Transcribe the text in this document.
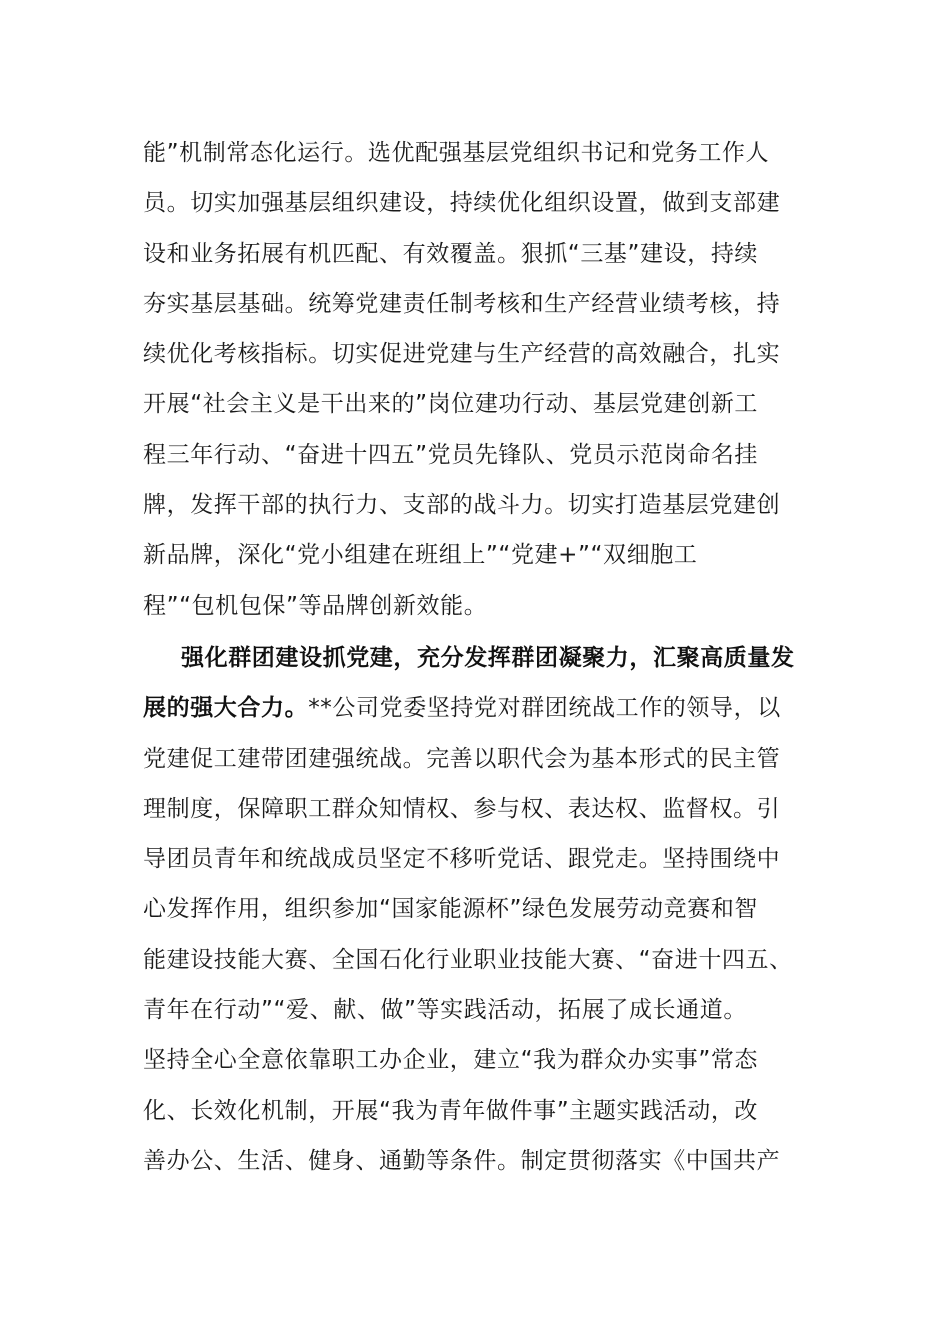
能”机制常态化运行。选优配强基层党组织书记和党务工作人
员。切实加强基层组织建设，持续优化组织设置，做到支部建
设和业务拓展有机匹配、有效覆盖。狠抓“三基”建设，持续
夯实基层基础。统筹党建责任制考核和生产经营业绩考核，持
续优化考核指标。切实促进党建与生产经营的高效融合，扎实
开展“社会主义是干出来的”岗位建功行动、基层党建创新工
程三年行动、“奋进十四五”党员先锋队、党员示范岗命名挂
牌，发挥干部的执行力、支部的战斗力。切实打造基层党建创
新品牌，深化“党小组建在班组上”“党建+”“双细胞工
程”“包机包保”等品牌创新效能。
强化群团建设抓党建，充分发挥群团凝聚力，汇聚高质量发
展的强大合力。**公司党委坚持党对群团统战工作的领导，以
党建促工建带团建强统战。完善以职代会为基本形式的民主管
理制度，保障职工群众知情权、参与权、表达权、监督权。引
导团员青年和统战成员坚定不移听党话、跟党走。坚持围绕中
心发挥作用，组织参加“国家能源杯”绿色发展劳动竞赛和智
能建设技能大赛、全国石化行业职业技能大赛、“奋进十四五、
青年在行动”“爱、献、做”等实践活动，拓展了成长通道。
坚持全心全意依靠职工办企业，建立“我为群众办实事”常态
化、长效化机制，开展“我为青年做件事”主题实践活动，改
善办公、生活、健身、通勤等条件。制定贯彻落实《中国共产
